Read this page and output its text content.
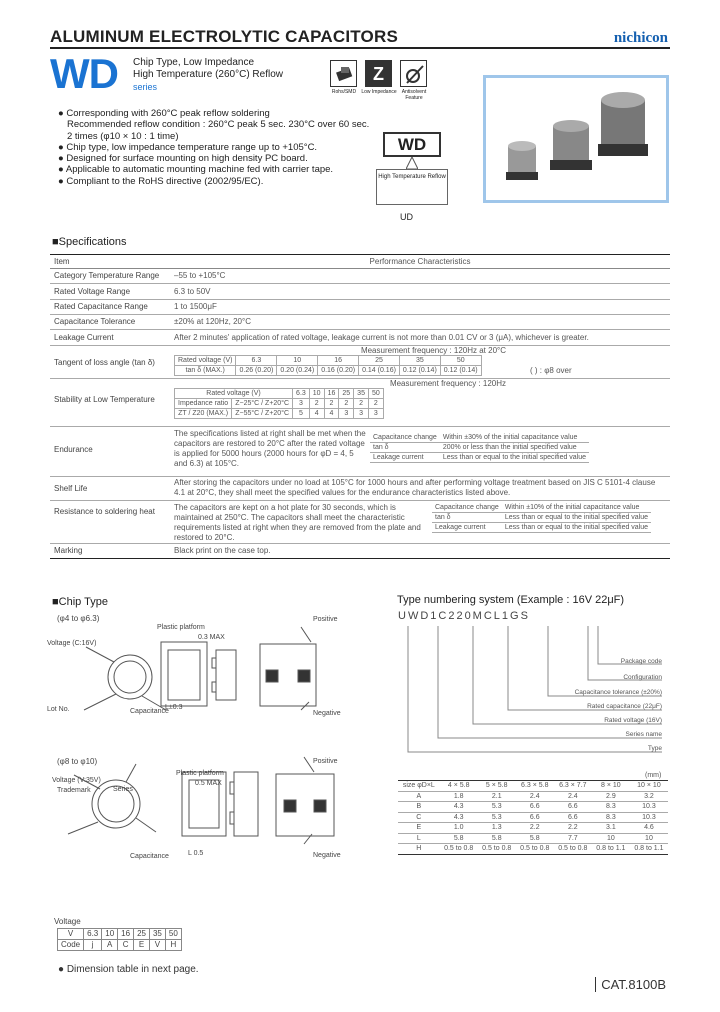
ALUMINUM ELECTROLYTIC CAPACITORS	nichicon
WD Chip Type, Low Impedance
High Temperature (260°C) Reflow
series	Rohs/SMD
Z
Low Impedance	Antisolvent Feature
● Corresponding with 260°C peak reflow soldering
Recommended reflow condition : 260°C peak 5 sec. 230°C over 60 sec.
2 times (φ10 × 10 : 1 time)
● Chip type, low impedance temperature range up to +105°C.
● Designed for surface mounting on high density PC board.
● Applicable to automatic mounting machine fed with carrier tape.
● Compliant to the RoHS directive (2002/95/EC).
WD
High Temperature Reflow
UD
■Specifications
Item	Performance Characteristics
Category Temperature Range	–55 to +105°C
Rated Voltage Range	6.3 to 50V
Rated Capacitance Range	1 to 1500μF
Capacitance Tolerance	±20% at 120Hz, 20°C
Leakage Current	After 2 minutes' application of rated voltage, leakage current is not more than 0.01 CV or 3 (μA), whichever is greater.
Tangent of loss angle (tan δ)	
Measurement frequency : 120Hz at 20°C
Rated voltage (V)	6.3	10	16	25	35	50
tan δ (MAX.)	0.26 (0.20)	0.20 (0.24)	0.16 (0.20)	0.14 (0.16)	0.12 (0.14)	0.12 (0.14)	( ) : φ8 over

Stability at Low Temperature	
Measurement frequency : 120Hz
Rated voltage (V)	6.3	10	16	25	35	50
Impedance ratio	Z−25°C / Z+20°C	3	2	2	2	2	2
ZT / Z20 (MAX.)	Z−55°C / Z+20°C	5	4	4	3	3	3

Endurance	
The specifications listed at right shall be met when the capacitors are restored to 20°C after the rated voltage is applied for 5000 hours (2000 hours for φD = 4, 5 and 6.3) at 105°C.
Capacitance change	Within ±30% of the initial capacitance value
tan δ	200% or less than the initial specified value
Leakage current	Less than or equal to the initial specified value

Shelf Life	After storing the capacitors under no load at 105°C for 1000 hours and after performing voltage treatment based on JIS C 5101-4 clause 4.1 at 20°C, they shall meet the specified values for the endurance characteristics listed above.
Resistance to soldering heat	The capacitors are kept on a hot plate for 30 seconds, which is maintained at 250°C. The capacitors shall meet the characteristic requirements listed at right when they are removed from the plate and restored to 20°C.
Capacitance change	Within ±10% of the initial capacitance value
tan δ	Less than or equal to the initial specified value
Leakage current	Less than or equal to the initial specified value

Marking	Black print on the case top.
■Chip Type
(φ4 to φ6.3)
(φ8 to φ10)
Voltage (C:16V)
Lot No.	Capacitance
Plastic platform
0.3 MAX
L±0.3
Positive
Negative
Voltage (V:35V)
Trademark	Series
Capacitance
Plastic platform
0.5 MAX
L 0.5
Positive
Negative
Type numbering system (Example : 16V 22μF)
UWD1C220MCL1GS
Package code
Configuration
Capacitance tolerance (±20%)
Rated capacitance (22μF)
Rated voltage (16V)
Series name
Type
(mm)
size φD×L	4 × 5.8	5 × 5.8	6.3 × 5.8	6.3 × 7.7	8 × 10	10 × 10
A	1.8	2.1	2.4	2.4	2.9	3.2
B	4.3	5.3	6.6	6.6	8.3	10.3
C	4.3	5.3	6.6	6.6	8.3	10.3
E	1.0	1.3	2.2	2.2	3.1	4.6
L	5.8	5.8	5.8	7.7	10	10
H	0.5 to 0.8	0.5 to 0.8	0.5 to 0.8	0.5 to 0.8	0.8 to 1.1	0.8 to 1.1
Voltage
V	6.3	10	16	25	35	50
Code	j	A	C	E	V	H
● Dimension table in next page.
CAT.8100B
